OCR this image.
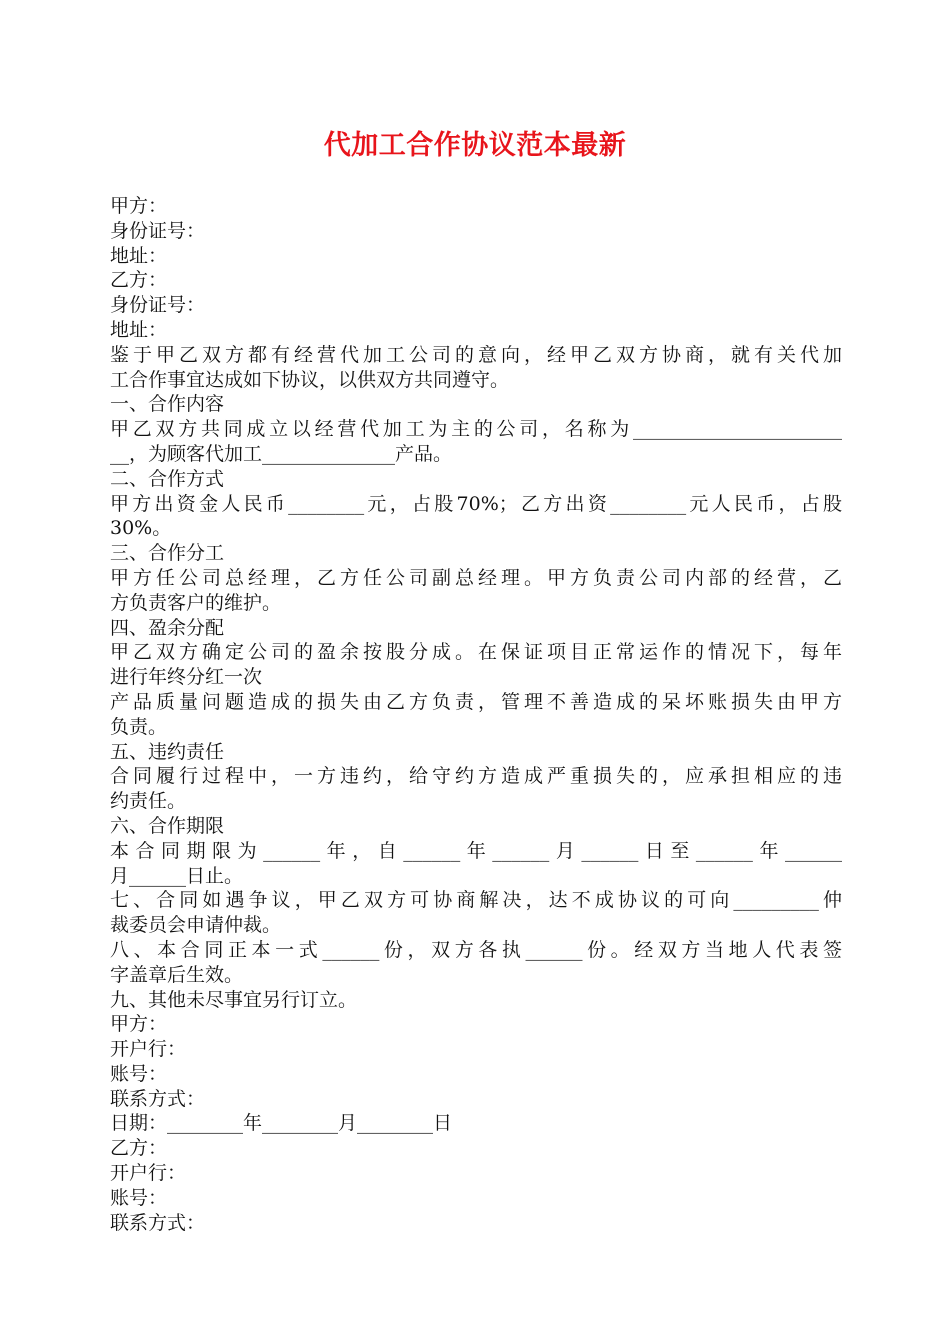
代加工合作协议范本最新
甲方：
身份证号：
地址：
乙方：
身份证号：
地址：
鉴于甲乙双方都有经营代加工公司的意向，经甲乙双方协商，就有关代加
工合作事宜达成如下协议，以供双方共同遵守。
一、合作内容
甲乙双方共同成立以经营代加工为主的公司，名称为______________________
__，为顾客代加工______________产品。
二、合作方式
甲方出资金人民币________元，占股70%；乙方出资________元人民币，占股
30%。
三、合作分工
甲方任公司总经理，乙方任公司副总经理。甲方负责公司内部的经营，乙
方负责客户的维护。
四、盈余分配
甲乙双方确定公司的盈余按股分成。在保证项目正常运作的情况下，每年
进行年终分红一次
产品质量问题造成的损失由乙方负责，管理不善造成的呆坏账损失由甲方
负责。
五、违约责任
合同履行过程中，一方违约，给守约方造成严重损失的，应承担相应的违
约责任。
六、合作期限
本合同期限为______年，自______年______月______日至______年______
月______日止。
七、合同如遇争议，甲乙双方可协商解决，达不成协议的可向_________仲
裁委员会申请仲裁。
八、本合同正本一式______份，双方各执______份。经双方当地人代表签
字盖章后生效。
九、其他未尽事宜另行订立。
甲方：
开户行：
账号：
联系方式：
日期：________年________月________日
乙方：
开户行：
账号：
联系方式：
